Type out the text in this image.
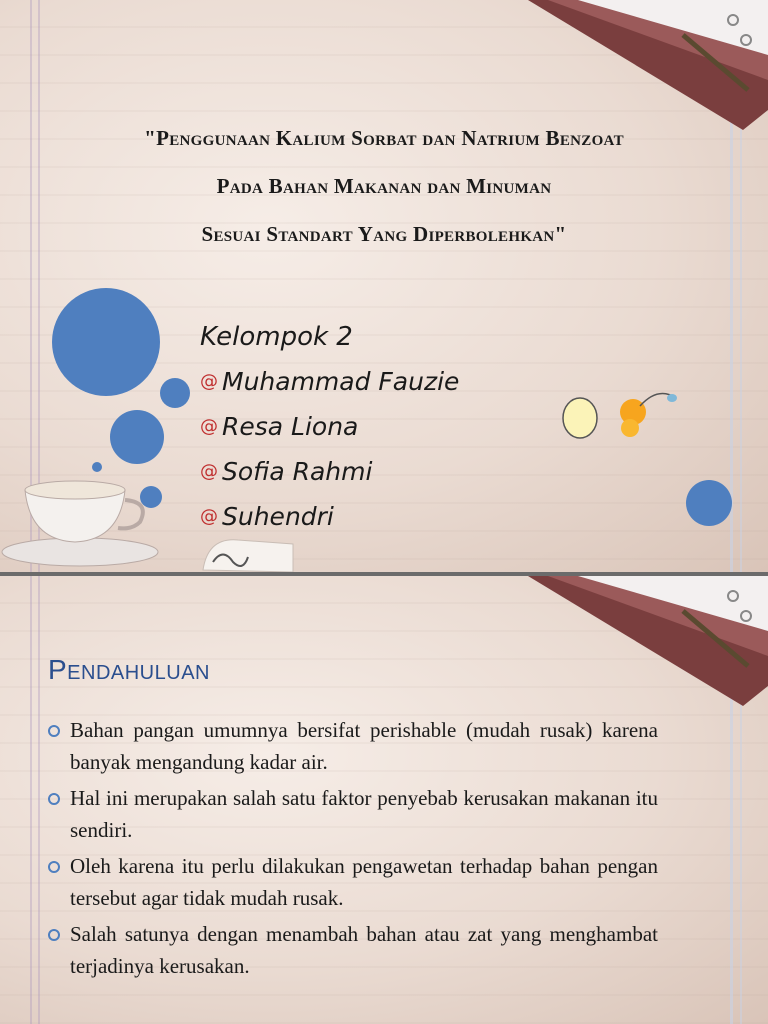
"Penggunaan Kalium Sorbat dan Natrium Benzoat
Pada Bahan Makanan dan Minuman
Sesuai Standart Yang Diperbolehkan"
Kelompok 2
@ Muhammad Fauzie
@ Resa Liona
@ Sofia Rahmi
@ Suhendri
Pendahuluan
Bahan pangan umumnya bersifat perishable (mudah rusak) karena banyak mengandung kadar air.
Hal ini merupakan salah satu faktor penyebab kerusakan makanan itu sendiri.
Oleh karena itu perlu dilakukan pengawetan terhadap bahan pengan tersebut agar tidak mudah rusak.
Salah satunya dengan menambah bahan atau zat yang menghambat terjadinya kerusakan.
